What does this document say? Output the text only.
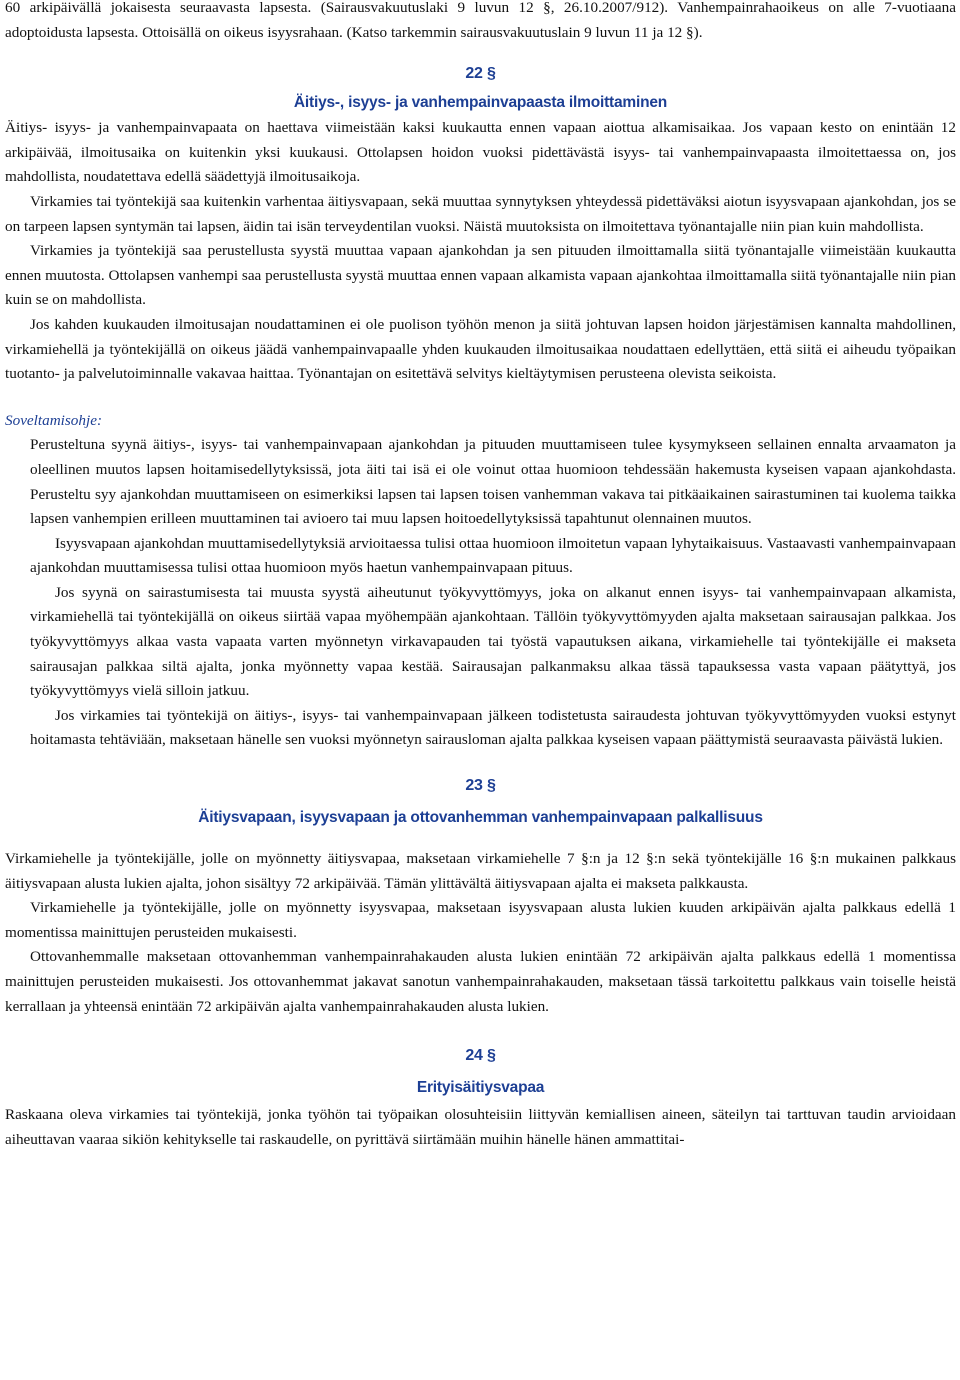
60 arkipäivällä jokaisesta seuraavasta lapsesta. (Sairausvakuutuslaki 9 luvun 12 §, 26.10.2007/912). Vanhempainrahaoikeus on alle 7-vuotiaana adoptoidusta lapsesta. Ottoisällä on oikeus isyysrahaan. (Katso tarkemmin sairausvakuutuslain 9 luvun 11 ja 12 §).

22 §
Äitiys-, isyys- ja vanhempainvapaasta ilmoittaminen

Äitiys- isyys- ja vanhempainvapaata on haettava viimeistään kaksi kuukautta ennen vapaan aiottua alkamisaikaa. Jos vapaan kesto on enintään 12 arkipäivää, ilmoitusaika on kuitenkin yksi kuukausi. Ottolapsen hoidon vuoksi pidettävästä isyys- tai vanhempainvapaasta ilmoitettaessa on, jos mahdollista, noudatettava edellä säädettyjä ilmoitusaikoja.

Virkamies tai työntekijä saa kuitenkin varhentaa äitiysvapaan, sekä muuttaa synnytyksen yhteydessä pidettäväksi aiotun isyysvapaan ajankohdan, jos se on tarpeen lapsen syntymän tai lapsen, äidin tai isän terveydentilan vuoksi. Näistä muutoksista on ilmoitettava työnantajalle niin pian kuin mahdollista.

Virkamies ja työntekijä saa perustellusta syystä muuttaa vapaan ajankohdan ja sen pituuden ilmoittamalla siitä työnantajalle viimeistään kuukautta ennen muutosta. Ottolapsen vanhempi saa perustellusta syystä muuttaa ennen vapaan alkamista vapaan ajankohtaa ilmoittamalla siitä työnantajalle niin pian kuin se on mahdollista.

Jos kahden kuukauden ilmoitusajan noudattaminen ei ole puolison työhön menon ja siitä johtuvan lapsen hoidon järjestämisen kannalta mahdollinen, virkamiehellä ja työntekijällä on oikeus jäädä vanhempainvapaalle yhden kuukauden ilmoitusaikaa noudattaen edellyttäen, että siitä ei aiheudu työpaikan tuotanto- ja palvelutoiminnalle vakavaa haittaa. Työnantajan on esitettävä selvitys kieltäytymisen perusteena olevista seikoista.

Soveltamisohje:

Perusteltuna syynä äitiys-, isyys- tai vanhempainvapaan ajankohdan ja pituuden muuttamiseen tulee kysymykseen sellainen ennalta arvaamaton ja oleellinen muutos lapsen hoitamisedellytyksissä, jota äiti tai isä ei ole voinut ottaa huomioon tehdessään hakemusta kyseisen vapaan ajankohdasta. Perusteltu syy ajankohdan muuttamiseen on esimerkiksi lapsen tai lapsen toisen vanhemman vakava tai pitkäaikainen sairastuminen tai kuolema taikka lapsen vanhempien erilleen muuttaminen tai avioero tai muu lapsen hoitoedellytyksissä tapahtunut olennainen muutos.

Isyysvapaan ajankohdan muuttamisedellytyksiä arvioitaessa tulisi ottaa huomioon ilmoitetun vapaan lyhytaikaisuus. Vastaavasti vanhempainvapaan ajankohdan muuttamisessa tulisi ottaa huomioon myös haetun vanhempainvapaan pituus.

Jos syynä on sairastumisesta tai muusta syystä aiheutunut työkyvyttömyys, joka on alkanut ennen isyys- tai vanhempainvapaan alkamista, virkamiehellä tai työntekijällä on oikeus siirtää vapaa myöhempään ajankohtaan. Tällöin työkyvyttömyyden ajalta maksetaan sairausajan palkkaa. Jos työkyvyttömyys alkaa vasta vapaata varten myönnetyn virkavapauden tai työstä vapautuksen aikana, virkamiehelle tai työntekijälle ei makseta sairausajan palkkaa siltä ajalta, jonka myönnetty vapaa kestää. Sairausajan palkanmaksu alkaa tässä tapauksessa vasta vapaan päätyttyä, jos työkyvyttömyys vielä silloin jatkuu.

Jos virkamies tai työntekijä on äitiys-, isyys- tai vanhempainvapaan jälkeen todistetusta sairaudesta johtuvan työkyvyttömyyden vuoksi estynyt hoitamasta tehtäviään, maksetaan hänelle sen vuoksi myönnetyn sairausloman ajalta palkkaa kyseisen vapaan päättymistä seuraavasta päivästä lukien.

23 §
Äitiysvapaan, isyysvapaan ja ottovanhemman vanhempainvapaan palkallisuus

Virkamiehelle ja työntekijälle, jolle on myönnetty äitiysvapaa, maksetaan virkamiehelle 7 §:n ja 12 §:n sekä työntekijälle 16 §:n mukainen palkkaus äitiysvapaan alusta lukien ajalta, johon sisältyy 72 arkipäivää. Tämän ylittävältä äitiysvapaan ajalta ei makseta palkkausta.

Virkamiehelle ja työntekijälle, jolle on myönnetty isyysvapaa, maksetaan isyysvapaan alusta lukien kuuden arkipäivän ajalta palkkaus edellä 1 momentissa mainittujen perusteiden mukaisesti.

Ottovanhemmalle maksetaan ottovanhemman vanhempainrahakauden alusta lukien enintään 72 arkipäivän ajalta palkkaus edellä 1 momentissa mainittujen perusteiden mukaisesti. Jos ottovanhemmat jakavat sanotun vanhempainrahakauden, maksetaan tässä tarkoitettu palkkaus vain toiselle heistä kerrallaan ja yhteensä enintään 72 arkipäivän ajalta vanhempainrahakauden alusta lukien.

24 §
Erityisäitiysvapaa

Raskaana oleva virkamies tai työntekijä, jonka työhön tai työpaikan olosuhteisiin liittyvän kemiallisen aineen, säteilyn tai tarttuvan taudin arvioidaan aiheuttavan vaaraa sikiön kehitykselle tai raskaudelle, on pyrittävä siirtämään muihin hänelle hänen ammattitai-
